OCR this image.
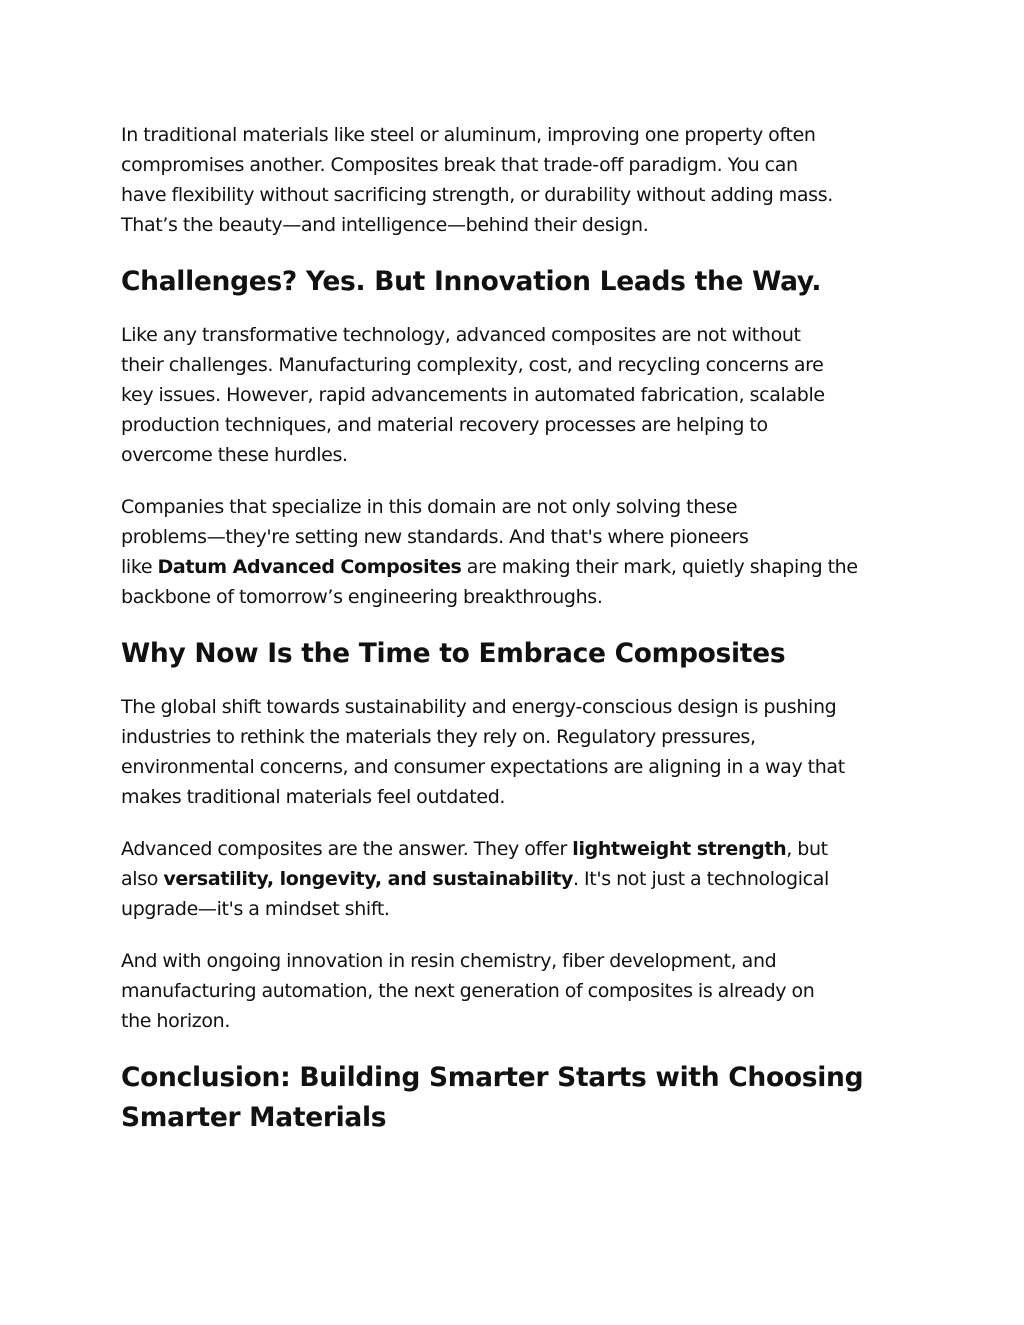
In traditional materials like steel or aluminum, improving one property often
compromises another. Composites break that trade-off paradigm. You can
have flexibility without sacrificing strength, or durability without adding mass.
That’s the beauty—and intelligence—behind their design.

Challenges? Yes. But Innovation Leads the Way.

Like any transformative technology, advanced composites are not without
their challenges. Manufacturing complexity, cost, and recycling concerns are
key issues. However, rapid advancements in automated fabrication, scalable
production techniques, and material recovery processes are helping to
overcome these hurdles.

Companies that specialize in this domain are not only solving these
problems—they're setting new standards. And that's where pioneers
like Datum Advanced Composites are making their mark, quietly shaping the
backbone of tomorrow’s engineering breakthroughs.

Why Now Is the Time to Embrace Composites

The global shift towards sustainability and energy-conscious design is pushing
industries to rethink the materials they rely on. Regulatory pressures,
environmental concerns, and consumer expectations are aligning in a way that
makes traditional materials feel outdated.

Advanced composites are the answer. They offer lightweight strength, but
also versatility, longevity, and sustainability. It's not just a technological
upgrade—it's a mindset shift.

And with ongoing innovation in resin chemistry, fiber development, and
manufacturing automation, the next generation of composites is already on
the horizon.

Conclusion: Building Smarter Starts with Choosing
Smarter Materials
